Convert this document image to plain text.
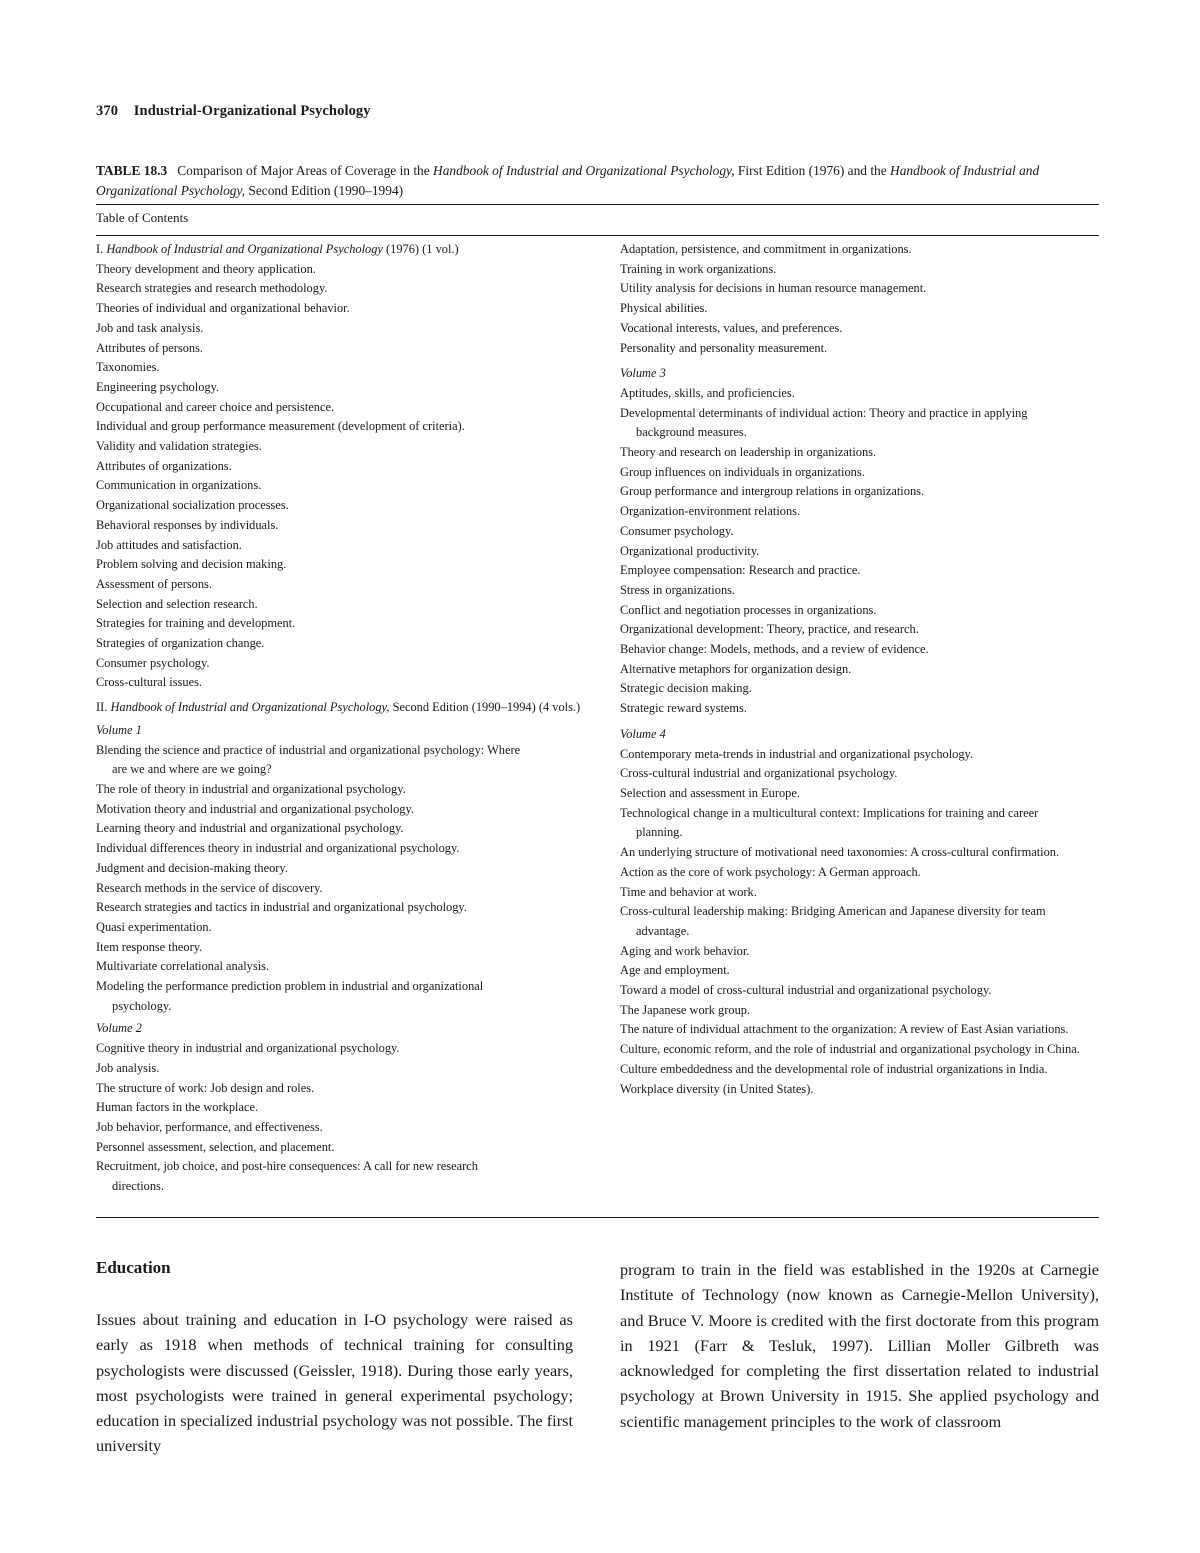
370 Industrial-Organizational Psychology
TABLE 18.3 Comparison of Major Areas of Coverage in the Handbook of Industrial and Organizational Psychology, First Edition (1976) and the Handbook of Industrial and Organizational Psychology, Second Edition (1990–1994)
Table of Contents
I. Handbook of Industrial and Organizational Psychology (1976) (1 vol.)
Theory development and theory application.
Research strategies and research methodology.
Theories of individual and organizational behavior.
Job and task analysis.
Attributes of persons.
Taxonomies.
Engineering psychology.
Occupational and career choice and persistence.
Individual and group performance measurement (development of criteria).
Validity and validation strategies.
Attributes of organizations.
Communication in organizations.
Organizational socialization processes.
Behavioral responses by individuals.
Job attitudes and satisfaction.
Problem solving and decision making.
Assessment of persons.
Selection and selection research.
Strategies for training and development.
Strategies of organization change.
Consumer psychology.
Cross-cultural issues.
II. Handbook of Industrial and Organizational Psychology, Second Edition (1990–1994) (4 vols.)
Volume 1
Blending the science and practice of industrial and organizational psychology: Where are we and where are we going?
The role of theory in industrial and organizational psychology.
Motivation theory and industrial and organizational psychology.
Learning theory and industrial and organizational psychology.
Individual differences theory in industrial and organizational psychology.
Judgment and decision-making theory.
Research methods in the service of discovery.
Research strategies and tactics in industrial and organizational psychology.
Quasi experimentation.
Item response theory.
Multivariate correlational analysis.
Modeling the performance prediction problem in industrial and organizational psychology.
Volume 2
Cognitive theory in industrial and organizational psychology.
Job analysis.
The structure of work: Job design and roles.
Human factors in the workplace.
Job behavior, performance, and effectiveness.
Personnel assessment, selection, and placement.
Recruitment, job choice, and post-hire consequences: A call for new research directions.
Adaptation, persistence, and commitment in organizations.
Training in work organizations.
Utility analysis for decisions in human resource management.
Physical abilities.
Vocational interests, values, and preferences.
Personality and personality measurement.
Volume 3
Aptitudes, skills, and proficiencies.
Developmental determinants of individual action: Theory and practice in applying background measures.
Theory and research on leadership in organizations.
Group influences on individuals in organizations.
Group performance and intergroup relations in organizations.
Organization-environment relations.
Consumer psychology.
Organizational productivity.
Employee compensation: Research and practice.
Stress in organizations.
Conflict and negotiation processes in organizations.
Organizational development: Theory, practice, and research.
Behavior change: Models, methods, and a review of evidence.
Alternative metaphors for organization design.
Strategic decision making.
Strategic reward systems.
Volume 4
Contemporary meta-trends in industrial and organizational psychology.
Cross-cultural industrial and organizational psychology.
Selection and assessment in Europe.
Technological change in a multicultural context: Implications for training and career planning.
An underlying structure of motivational need taxonomies: A cross-cultural confirmation.
Action as the core of work psychology: A German approach.
Time and behavior at work.
Cross-cultural leadership making: Bridging American and Japanese diversity for team advantage.
Aging and work behavior.
Age and employment.
Toward a model of cross-cultural industrial and organizational psychology.
The Japanese work group.
The nature of individual attachment to the organization: A review of East Asian variations.
Culture, economic reform, and the role of industrial and organizational psychology in China.
Culture embeddedness and the developmental role of industrial organizations in India.
Workplace diversity (in United States).
Education
Issues about training and education in I-O psychology were raised as early as 1918 when methods of technical training for consulting psychologists were discussed (Geissler, 1918). During those early years, most psychologists were trained in general experimental psychology; education in specialized industrial psychology was not possible. The first university
program to train in the field was established in the 1920s at Carnegie Institute of Technology (now known as Carnegie-Mellon University), and Bruce V. Moore is credited with the first doctorate from this program in 1921 (Farr & Tesluk, 1997). Lillian Moller Gilbreth was acknowledged for completing the first dissertation related to industrial psychology at Brown University in 1915. She applied psychology and scientific management principles to the work of classroom
